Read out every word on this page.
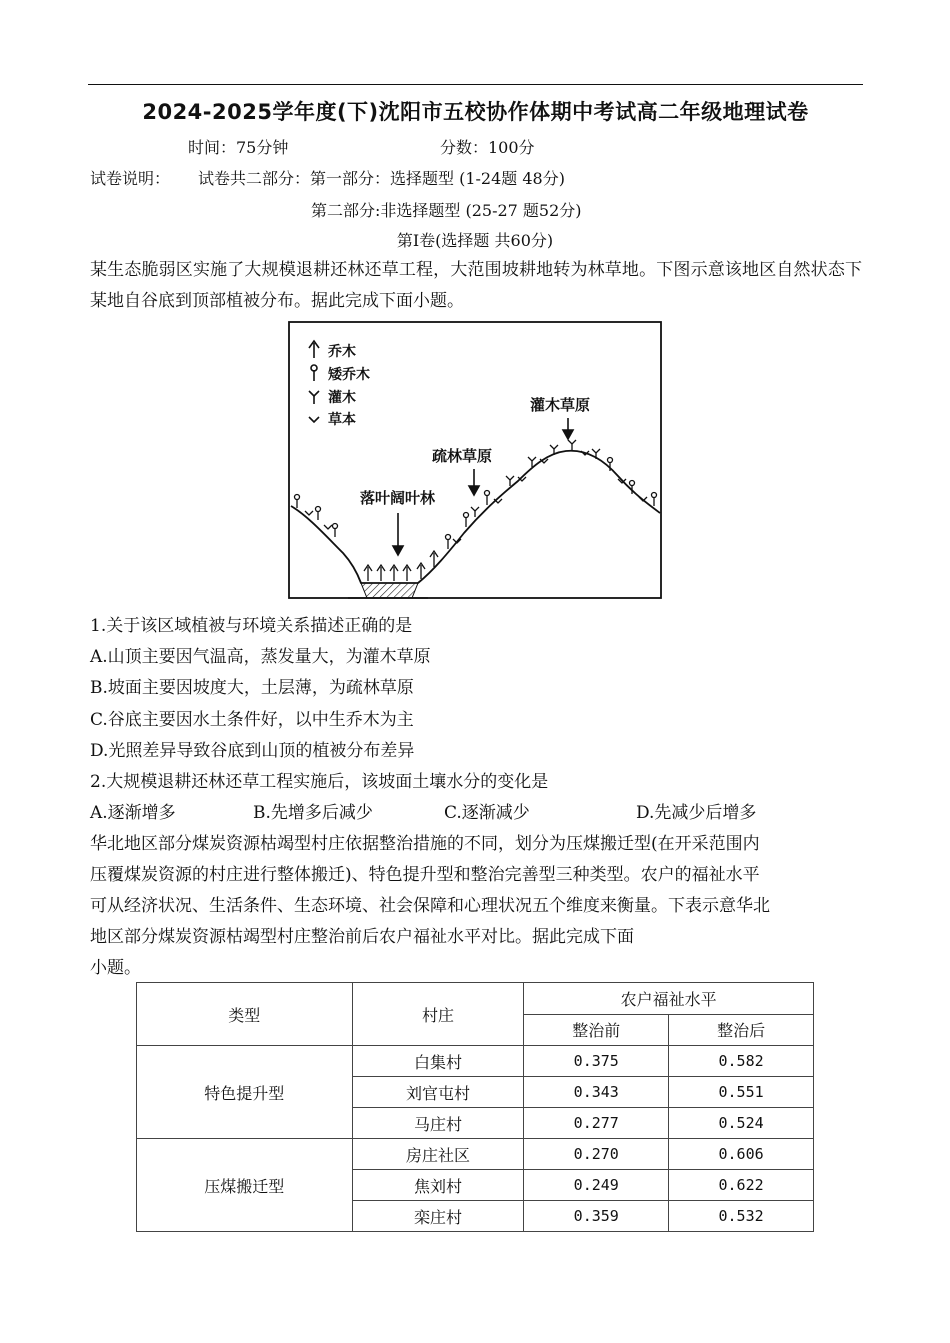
2024-2025学年度(下)沈阳市五校协作体期中考试高二年级地理试卷
时间：75分钟	分数：100分
试卷说明： 试卷共二部分：第一部分：选择题型 (1-24题 48分)
第二部分:非选择题型 (25-27 题52分)
第Ⅰ卷(选择题 共60分)
某生态脆弱区实施了大规模退耕还林还草工程，大范围坡耕地转为林草地。下图示意该地区自然状态下某地自谷底到顶部植被分布。据此完成下面小题。
乔木
矮乔木
灌木
草本
落叶阔叶林
疏林草原
灌木草原
1.关于该区域植被与环境关系描述正确的是
A.山顶主要因气温高，蒸发量大，为灌木草原
B.坡面主要因坡度大，土层薄，为疏林草原
C.谷底主要因水土条件好，以中生乔木为主
D.光照差异导致谷底到山顶的植被分布差异
2.大规模退耕还林还草工程实施后，该坡面土壤水分的变化是
A.逐渐增多	B.先增多后减少	C.逐渐减少	D.先减少后增多
华北地区部分煤炭资源枯竭型村庄依据整治措施的不同，划分为压煤搬迁型(在开采范围内
压覆煤炭资源的村庄进行整体搬迁)、特色提升型和整治完善型三种类型。农户的福祉水平
可从经济状况、生活条件、生态环境、社会保障和心理状况五个维度来衡量。下表示意华北
地区部分煤炭资源枯竭型村庄整治前后农户福祉水平对比。据此完成下面
小题。
类型	村庄	农户福祉水平	
		整治前	整治后
特色提升型	白集村	0.375	0.582
	刘官屯村	0.343	0.551
	马庄村	0.277	0.524
压煤搬迁型	房庄社区	0.270	0.606
	焦刘村	0.249	0.622
	栾庄村	0.359	0.532
